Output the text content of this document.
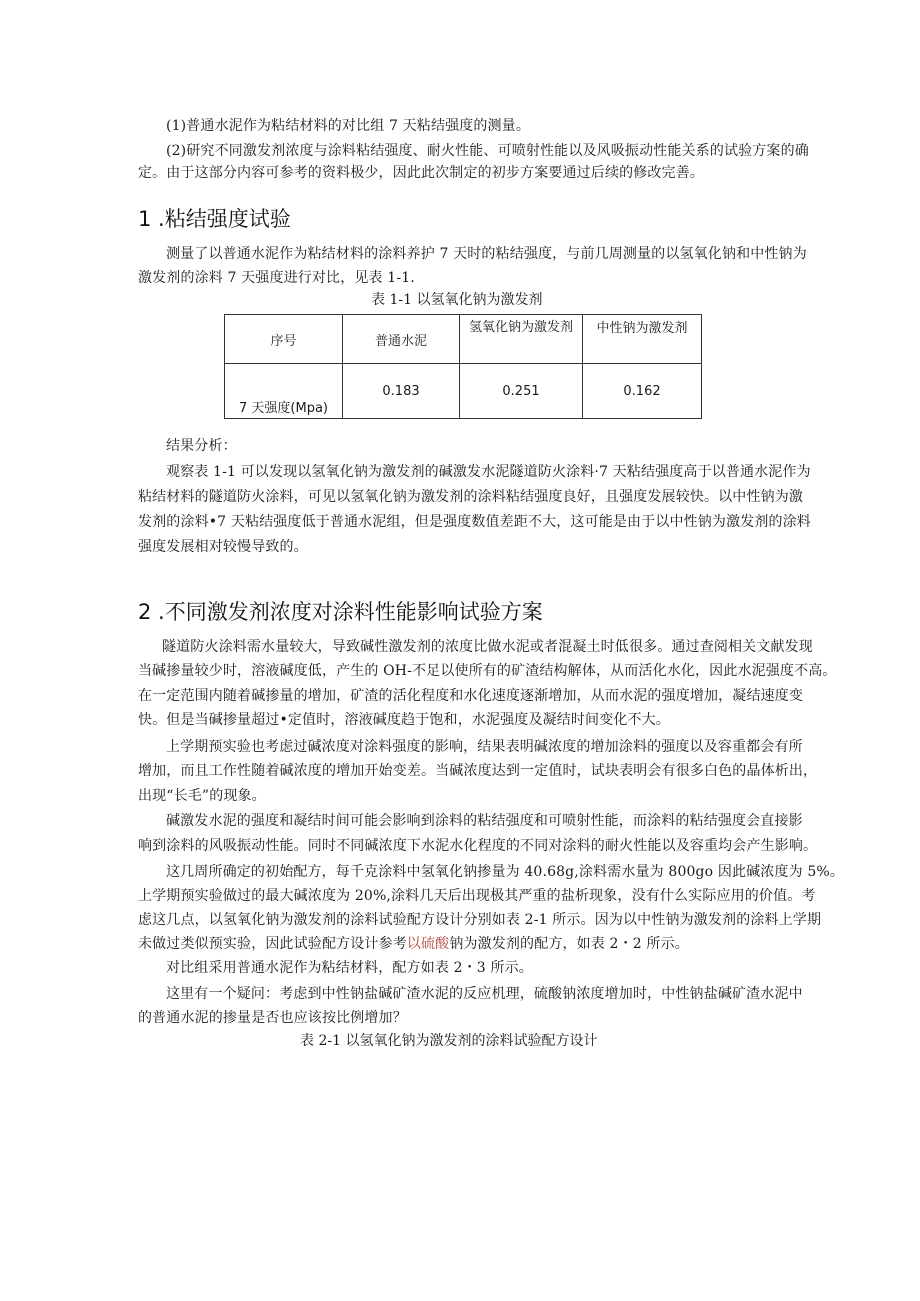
(1)普通水泥作为粘结材料的对比组 7 天粘结强度的测量。
(2)研究不同激发剂浓度与涂料粘结强度、耐火性能、可喷射性能以及风吸振动性能关系的试验方案的确
定。由于这部分内容可参考的资料极少，因此此次制定的初步方案要通过后续的修改完善。
1 .粘结强度试验
测量了以普通水泥作为粘结材料的涂料养护 7 天时的粘结强度，与前几周测量的以氢氧化钠和中性钠为
激发剂的涂料 7 天强度进行对比，见表 1-1.
表 1-1 以氢氧化钠为激发剂
序号	普通水泥	氢氧化钠为激发剂	中性钠为激发剂
7 天强度(Mpa)	0.183	0.251	0.162
结果分析：
观察表 1-1 可以发现以氢氧化钠为激发剂的碱激发水泥隧道防火涂料·7 天粘结强度高于以普通水泥作为
粘结材料的隧道防火涂料，可见以氢氧化钠为激发剂的涂料粘结强度良好，且强度发展较快。以中性钠为激
发剂的涂料•7 天粘结强度低于普通水泥组，但是强度数值差距不大，这可能是由于以中性钠为激发剂的涂料
强度发展相对较慢导致的。
2 .不同激发剂浓度对涂料性能影响试验方案
隧道防火涂料需水量较大，导致碱性激发剂的浓度比做水泥或者混凝土时低很多。通过查阅相关文献发现
当碱掺量较少时，溶液碱度低，产生的 OH-不足以使所有的矿渣结构解体，从而活化水化，因此水泥强度不高。
在一定范围内随着碱掺量的增加，矿渣的活化程度和水化速度逐渐增加，从而水泥的强度增加，凝结速度变
快。但是当碱掺量超过•定值时，溶液碱度趋于饱和，水泥强度及凝结时间变化不大。
上学期预实验也考虑过碱浓度对涂料强度的影响，结果表明碱浓度的增加涂料的强度以及容重都会有所
增加，而且工作性随着碱浓度的增加开始变差。当碱浓度达到一定值时，试块表明会有很多白色的晶体析出，
出现“长毛”的现象。
碱激发水泥的强度和凝结时间可能会影响到涂料的粘结强度和可喷射性能，而涂料的粘结强度会直接影
响到涂料的风吸振动性能。同时不同碱浓度下水泥水化程度的不同对涂料的耐火性能以及容重均会产生影响。
这几周所确定的初始配方，每千克涂料中氢氧化钠掺量为 40.68g,涂料需水量为 800go 因此碱浓度为 5%。
上学期预实验做过的最大碱浓度为 20%,涂料几天后出现极其严重的盐析现象，没有什么实际应用的价值。考
虑这几点，以氢氧化钠为激发剂的涂料试验配方设计分别如表 2-1 所示。因为以中性钠为激发剂的涂料上学期
未做过类似预实验，因此试验配方设计参考以硫酸钠为激发剂的配方，如表 2・2 所示。
对比组采用普通水泥作为粘结材料，配方如表 2・3 所示。
这里有一个疑问：考虑到中性钠盐碱矿渣水泥的反应机理，硫酸钠浓度增加时，中性钠盐碱矿渣水泥中
的普通水泥的掺量是否也应该按比例增加？
表 2-1 以氢氧化钠为激发剂的涂料试验配方设计
